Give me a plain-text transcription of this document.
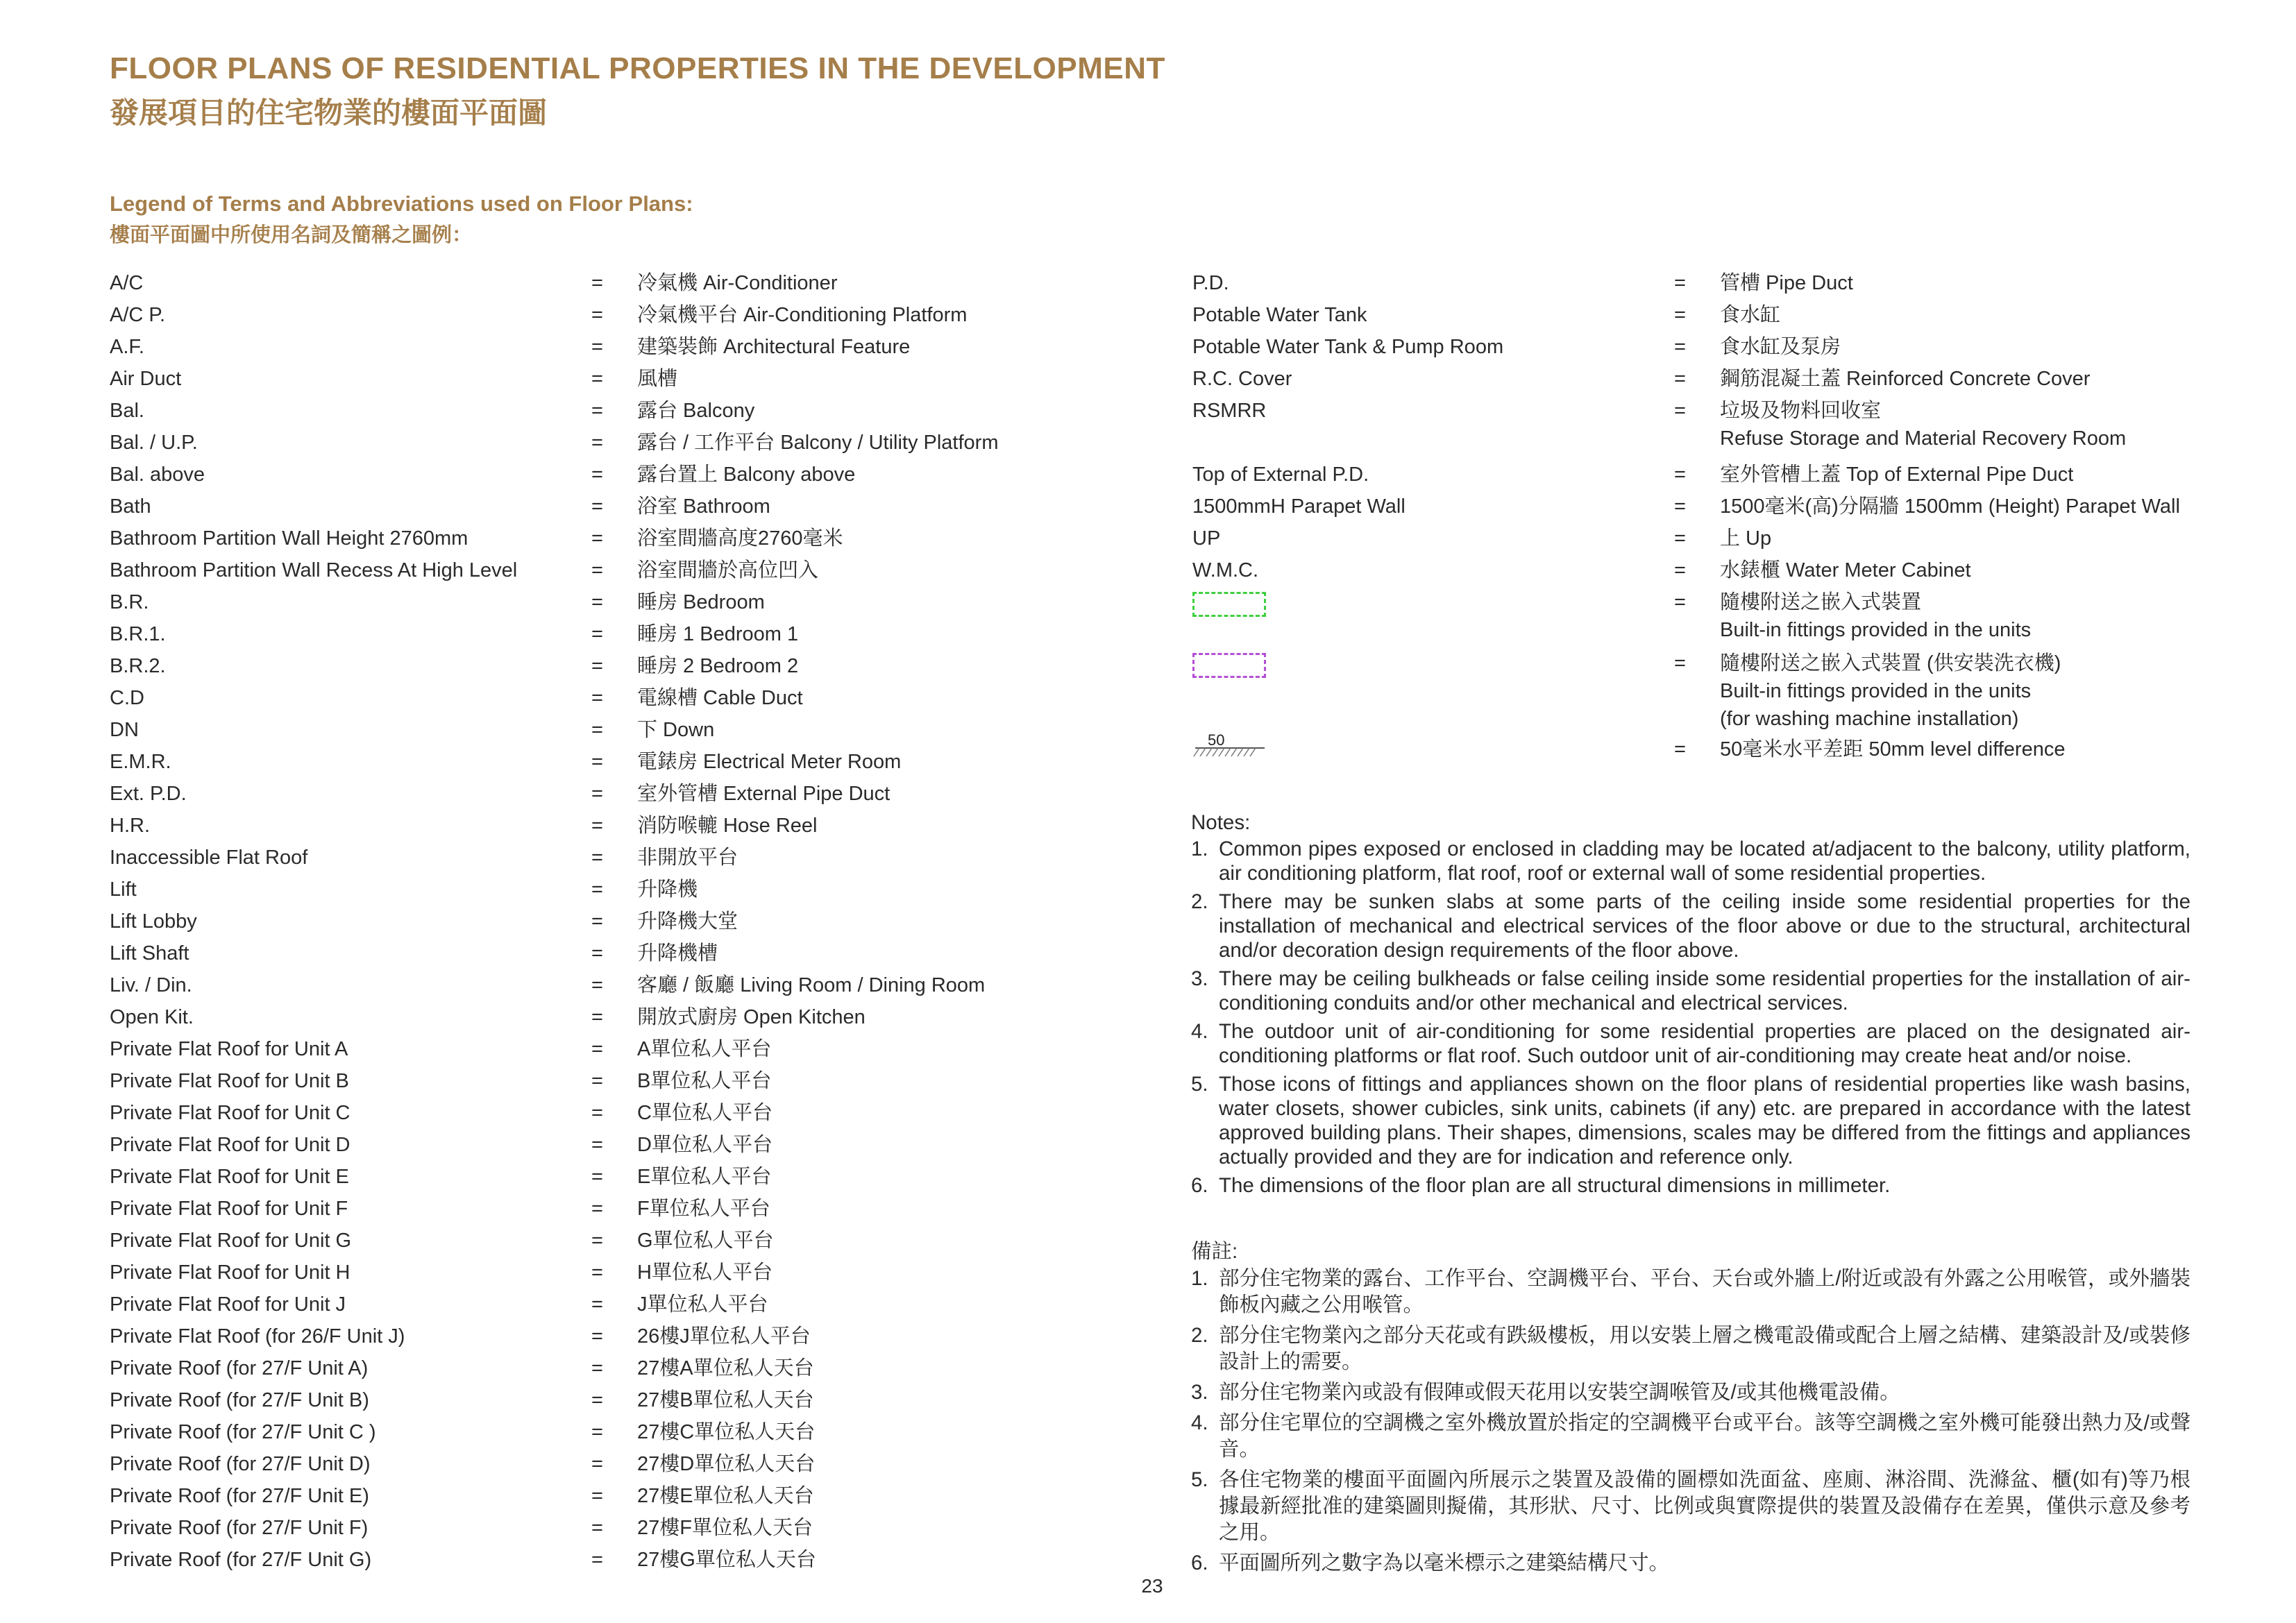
FLOOR PLANS OF RESIDENTIAL PROPERTIES IN THE DEVELOPMENT
發展項目的住宅物業的樓面平面圖
Legend of Terms and Abbreviations used on Floor Plans:
樓面平面圖中所使用名詞及簡稱之圖例：
A/C	= 冷氣機 Air-Conditioner
A/C P.	= 冷氣機平台 Air-Conditioning Platform
A.F.	= 建築裝飾 Architectural Feature
Air Duct	= 風槽
Bal.	= 露台 Balcony
Bal. / U.P.	= 露台 / 工作平台 Balcony / Utility Platform
Bal. above	= 露台置上 Balcony above
Bath	= 浴室 Bathroom
Bathroom Partition Wall Height 2760mm	= 浴室間牆高度2760毫米
Bathroom Partition Wall Recess At High Level	= 浴室間牆於高位凹入
B.R.	= 睡房 Bedroom
B.R.1.	= 睡房 1 Bedroom 1
B.R.2.	= 睡房 2 Bedroom 2
C.D	= 電線槽 Cable Duct
DN	= 下 Down
E.M.R.	= 電錶房 Electrical Meter Room
Ext. P.D.	= 室外管槽 External Pipe Duct
H.R.	= 消防喉轆 Hose Reel
Inaccessible Flat Roof	= 非開放平台
Lift	= 升降機
Lift Lobby	= 升降機大堂
Lift Shaft	= 升降機槽
Liv. / Din.	= 客廳 / 飯廳 Living Room / Dining Room
Open Kit.	= 開放式廚房 Open Kitchen
Private Flat Roof for Unit A	= A單位私人平台
Private Flat Roof for Unit B	= B單位私人平台
Private Flat Roof for Unit C	= C單位私人平台
Private Flat Roof for Unit D	= D單位私人平台
Private Flat Roof for Unit E	= E單位私人平台
Private Flat Roof for Unit F	= F單位私人平台
Private Flat Roof for Unit G	= G單位私人平台
Private Flat Roof for Unit H	= H單位私人平台
Private Flat Roof for Unit J	= J單位私人平台
Private Flat Roof (for 26/F Unit J)	= 26樓J單位私人平台
Private Roof (for 27/F Unit A)	= 27樓A單位私人天台
Private Roof (for 27/F Unit B)	= 27樓B單位私人天台
Private Roof (for 27/F Unit C )	= 27樓C單位私人天台
Private Roof (for 27/F Unit D)	= 27樓D單位私人天台
Private Roof (for 27/F Unit E)	= 27樓E單位私人天台
Private Roof (for 27/F Unit F)	= 27樓F單位私人天台
Private Roof (for 27/F Unit G)	= 27樓G單位私人天台
P.D.	= 管槽 Pipe Duct
Potable Water Tank	= 食水缸
Potable Water Tank & Pump Room	= 食水缸及泵房
R.C. Cover	= 鋼筋混凝土蓋 Reinforced Concrete Cover
RSMRR	= 垃圾及物料回收室
Refuse Storage and Material Recovery Room
Top of External P.D.	= 室外管槽上蓋 Top of External Pipe Duct
1500mmH Parapet Wall	= 1500毫米(高)分隔牆 1500mm (Height) Parapet Wall
UP	= 上 Up
W.M.C.	= 水錶櫃 Water Meter Cabinet
= 隨樓附送之嵌入式裝置
Built-in fittings provided in the units
= 隨樓附送之嵌入式裝置 (供安裝洗衣機)
Built-in fittings provided in the units
(for washing machine installation)
50	= 50毫米水平差距 50mm level difference
Notes:
1. Common pipes exposed or enclosed in cladding may be located at/adjacent to the balcony, utility platform, air conditioning platform, flat roof, roof or external wall of some residential properties.
2. There may be sunken slabs at some parts of the ceiling inside some residential properties for the installation of mechanical and electrical services of the floor above or due to the structural, architectural and/or decoration design requirements of the floor above.
3. There may be ceiling bulkheads or false ceiling inside some residential properties for the installation of air-conditioning conduits and/or other mechanical and electrical services.
4. The outdoor unit of air-conditioning for some residential properties are placed on the designated air-conditioning platforms or flat roof. Such outdoor unit of air-conditioning may create heat and/or noise.
5. Those icons of fittings and appliances shown on the floor plans of residential properties like wash basins, water closets, shower cubicles, sink units, cabinets (if any) etc. are prepared in accordance with the latest approved building plans. Their shapes, dimensions, scales may be differed from the fittings and appliances actually provided and they are for indication and reference only.
6. The dimensions of the floor plan are all structural dimensions in millimeter.
備註:
1. 部分住宅物業的露台、工作平台、空調機平台、平台、天台或外牆上/附近或設有外露之公用喉管，或外牆裝飾板內藏之公用喉管。
2. 部分住宅物業內之部分天花或有跌級樓板，用以安裝上層之機電設備或配合上層之結構、建築設計及/或裝修設計上的需要。
3. 部分住宅物業內或設有假陣或假天花用以安裝空調喉管及/或其他機電設備。
4. 部分住宅單位的空調機之室外機放置於指定的空調機平台或平台。該等空調機之室外機可能發出熱力及/或聲音。
5. 各住宅物業的樓面平面圖內所展示之裝置及設備的圖標如洗面盆、座廁、淋浴間、洗滌盆、櫃(如有)等乃根據最新經批准的建築圖則擬備，其形狀、尺寸、比例或與實際提供的裝置及設備存在差異，僅供示意及參考之用。
6. 平面圖所列之數字為以毫米標示之建築結構尺寸。
23
